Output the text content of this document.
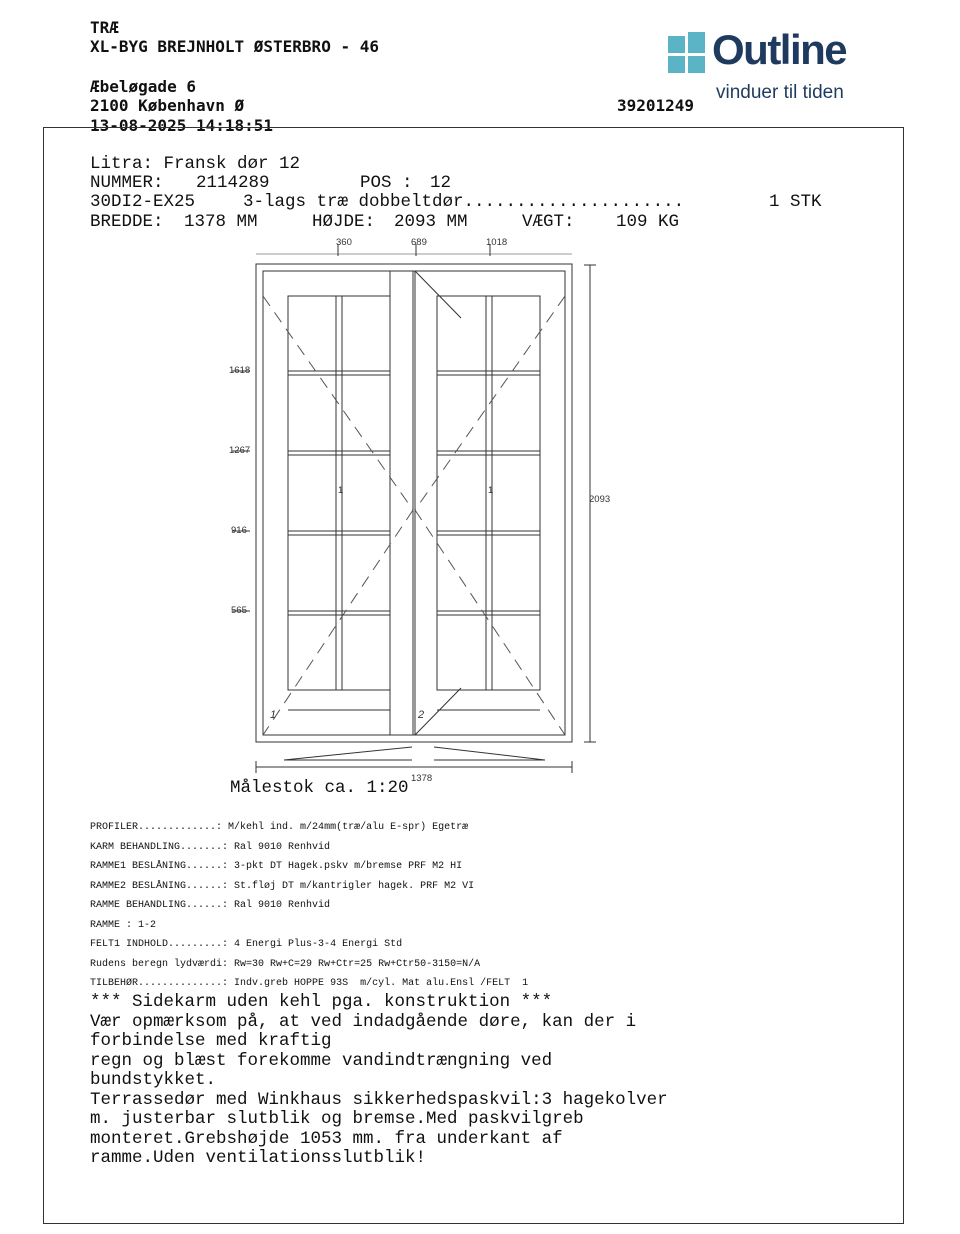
TRÆ
XL-BYG BREJNHOLT ØSTERBRO - 46
Æbeløgade 6
2100 København Ø
13-08-2025 14:18:51
39201249

Outline

vinduer til tiden

Litra: Fransk dør 12
NUMMER: 2114289	POS : 12
30DI2-EX25	3-lags træ dobbeltdør.....................	1 STK
BREDDE: 1378 MM	HØJDE: 2093 MM	VÆGT: 109 KG
360	689	1018
1618
1267
916
565
2093
1378
1	1
1	2
Målestok ca. 1:20

PROFILER.............: M/kehl ind. m/24mm(træ/alu E-spr) Egetræ

KARM BEHANDLING.......: Ral 9010 Renhvid

RAMME1 BESLÅNING......: 3-pkt DT Hagek.pskv m/bremse PRF M2 HI

RAMME2 BESLÅNING......: St.fløj DT m/kantrigler hagek. PRF M2 VI

RAMME BEHANDLING......: Ral 9010 Renhvid

RAMME : 1-2

FELT1 INDHOLD.........: 4 Energi Plus-3-4 Energi Std

Rudens beregn lydværdi: Rw=30 Rw+C=29 Rw+Ctr=25 Rw+Ctr50-3150=N/A

TILBEHØR..............: Indv.greb HOPPE 93S  m/cyl. Mat alu.Ensl /FELT  1

*** Sidekarm uden kehl pga. konstruktion ***
Vær opmærksom på, at ved indadgående døre, kan der i
forbindelse med kraftig
regn og blæst forekomme vandindtrængning ved
bundstykket.
Terrassedør med Winkhaus sikkerhedspaskvil:3 hagekolver
m. justerbar slutblik og bremse.Med paskvilgreb
monteret.Grebshøjde 1053 mm. fra underkant af
ramme.Uden ventilationsslutblik!
